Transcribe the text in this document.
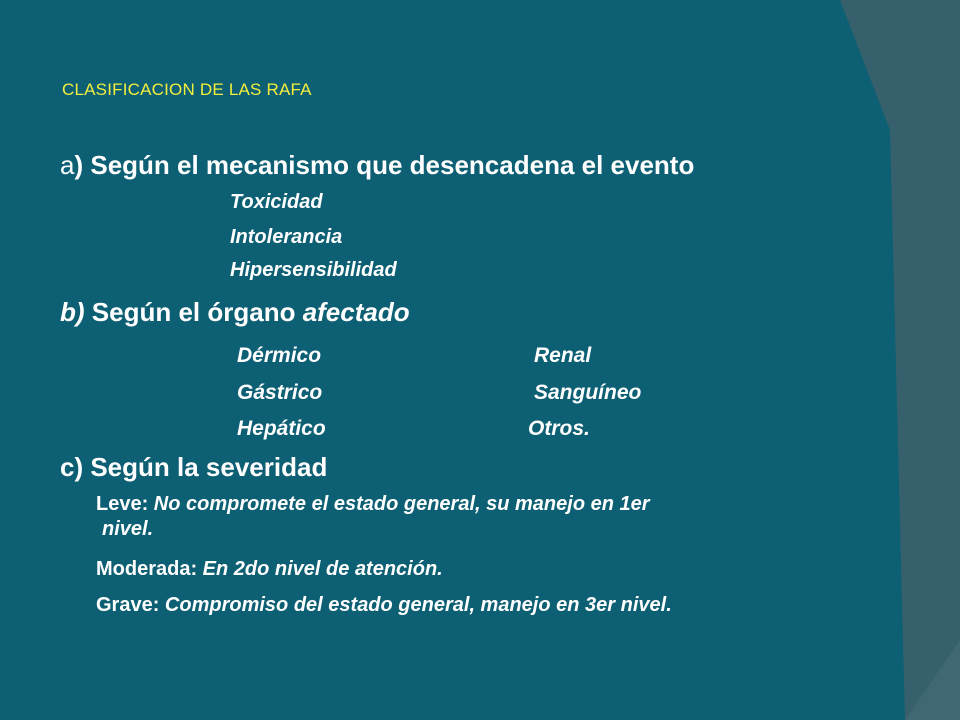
CLASIFICACION DE LAS RAFA
a) Según el mecanismo que desencadena el evento
Toxicidad
Intolerancia
Hipersensibilidad
b) Según el órgano afectado
Dérmico	Renal
Gástrico	Sanguíneo
Hepático	Otros.
c) Según la severidad
Leve: No compromete el estado general, su manejo en 1er
nivel.
Moderada: En 2do nivel de atención.
Grave: Compromiso del estado general, manejo en 3er nivel.
